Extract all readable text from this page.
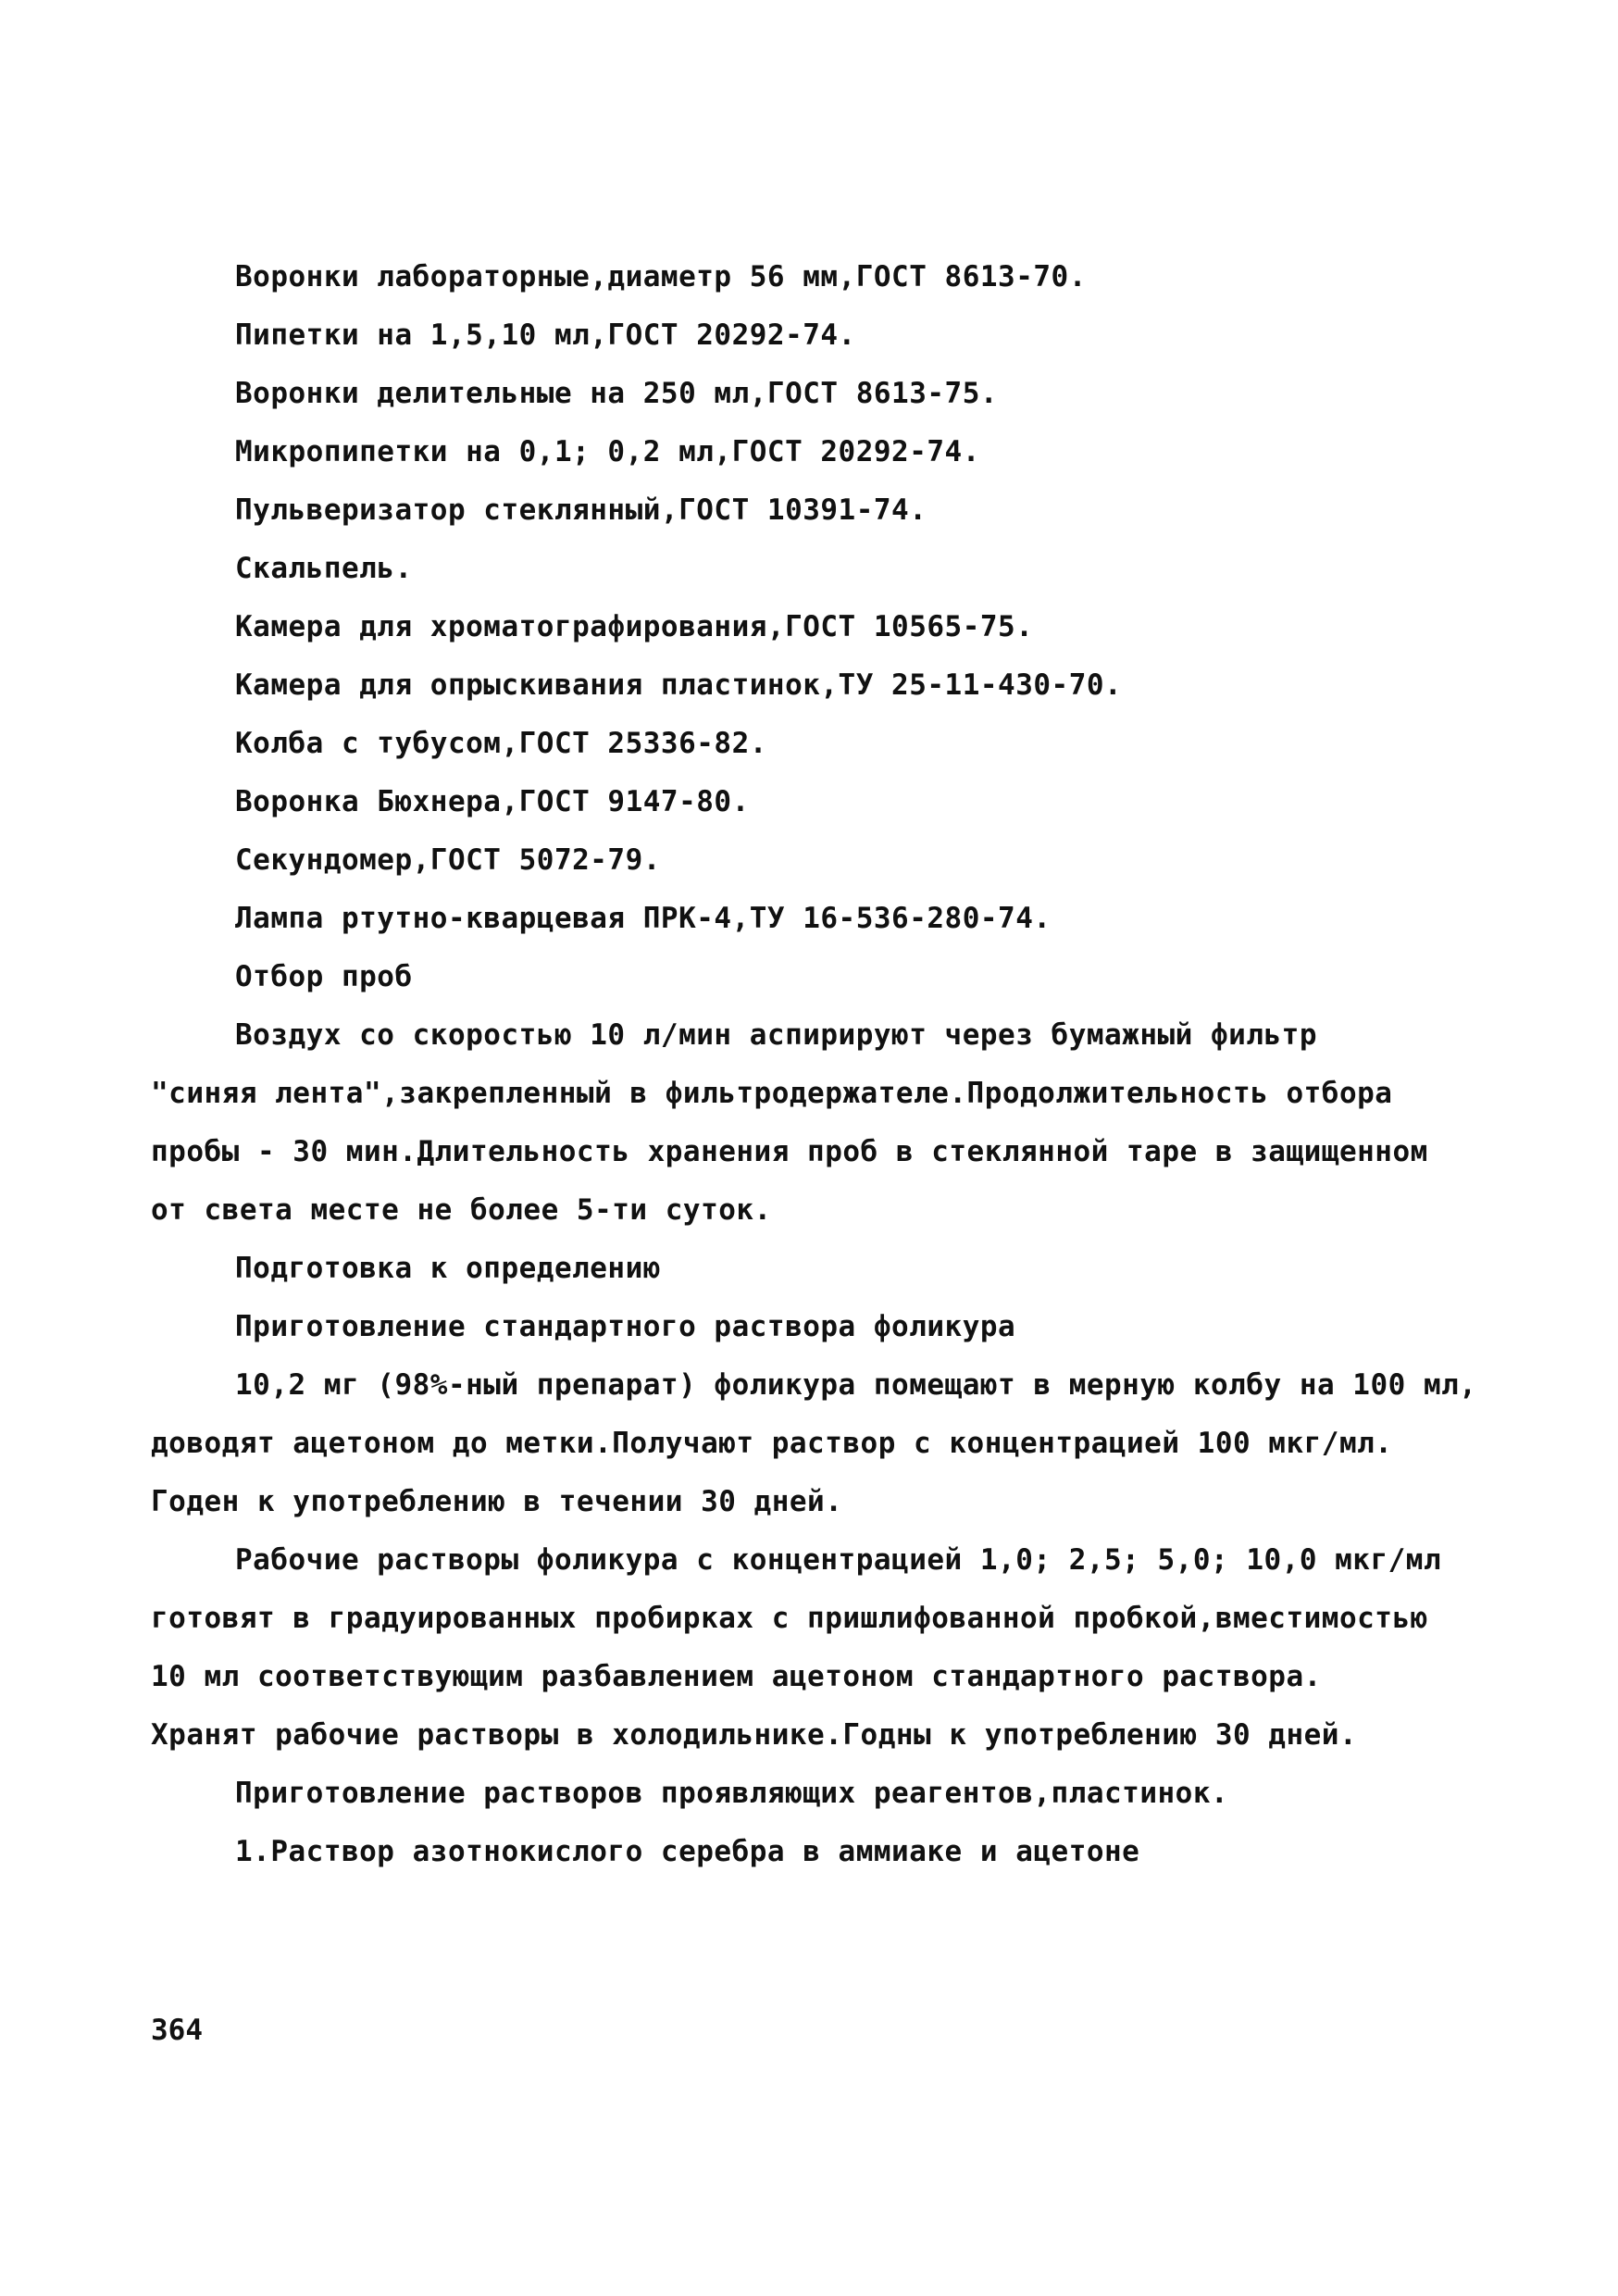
Воронки лабораторные,диаметр 56 мм,ГОСТ 8613-70.
Пипетки на 1,5,10 мл,ГОСТ 20292-74.
Воронки делительные на 250 мл,ГОСТ 8613-75.
Микропипетки на 0,1; 0,2 мл,ГОСТ 20292-74.
Пульверизатор стеклянный,ГОСТ 10391-74.
Скальпель.
Камера для хроматографирования,ГОСТ 10565-75.
Камера для опрыскивания пластинок,ТУ 25-11-430-70.
Колба с тубусом,ГОСТ 25336-82.
Воронка Бюхнера,ГОСТ 9147-80.
Секундомер,ГОСТ 5072-79.
Лампа ртутно-кварцевая ПРК-4,ТУ 16-536-280-74.
Отбор проб
Воздух со скоростью 10 л/мин аспирируют через бумажный фильтр
"синяя лента",закрепленный в фильтродержателе.Продолжительность отбора
пробы - 30 мин.Длительность хранения проб в стеклянной таре в защищенном
от света месте не более 5-ти суток.
Подготовка к определению
Приготовление стандартного раствора фоликура
10,2 мг (98%-ный препарат) фоликура помещают в мерную колбу на 100 мл,
доводят ацетоном до метки.Получают раствор с концентрацией 100 мкг/мл.
Годен к употреблению в течении 30 дней.
Рабочие растворы фоликура с концентрацией 1,0; 2,5; 5,0; 10,0 мкг/мл
готовят в градуированных пробирках с пришлифованной пробкой,вместимостью
10 мл соответствующим разбавлением ацетоном стандартного раствора.
Хранят рабочие растворы в холодильнике.Годны к употреблению 30 дней.
Приготовление растворов проявляющих реагентов,пластинок.
1.Раствор азотнокислого серебра в аммиаке и ацетоне
364
